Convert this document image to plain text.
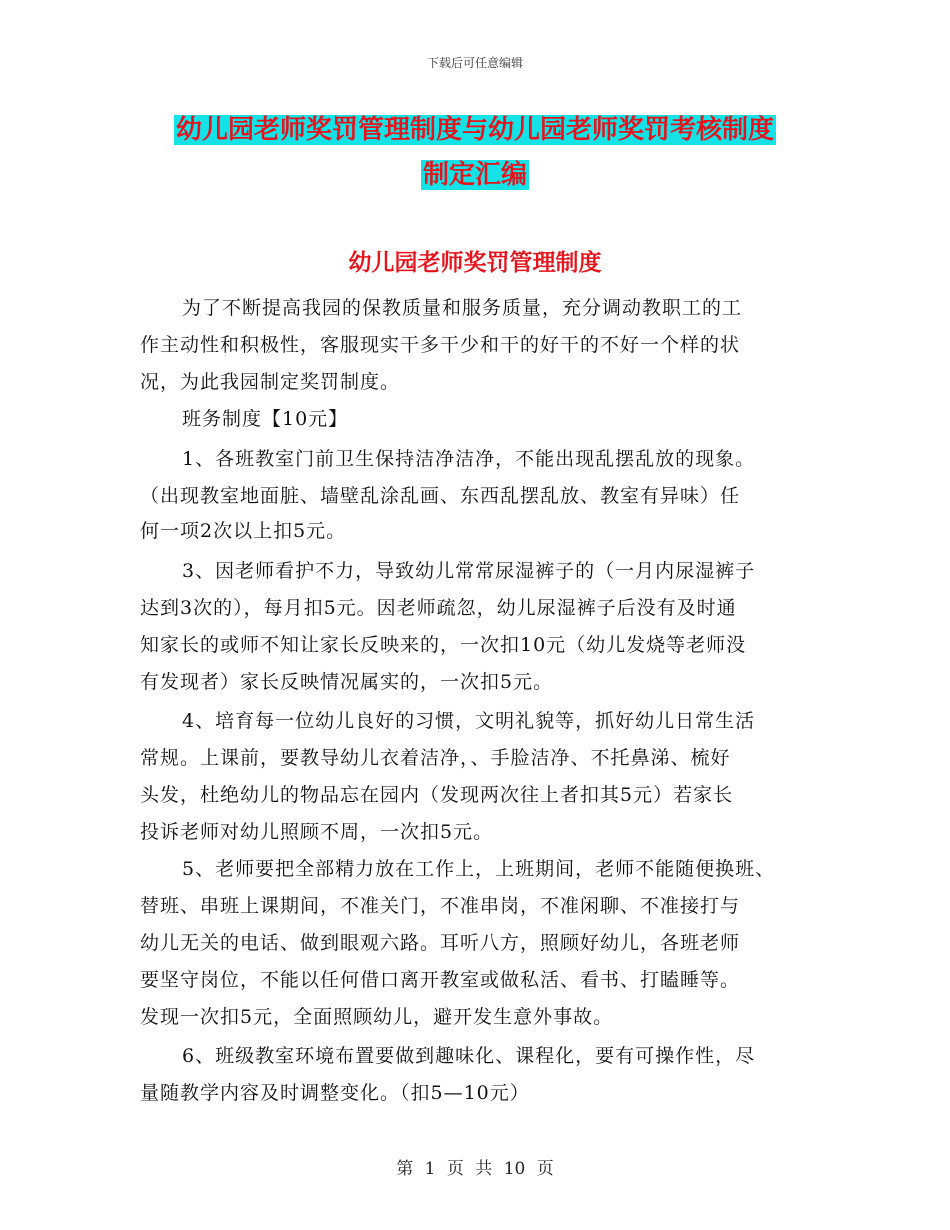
下载后可任意编辑
幼儿园老师奖罚管理制度与幼儿园老师奖罚考核制度
制定汇编
幼儿园老师奖罚管理制度
为了不断提高我园的保教质量和服务质量，充分调动教职工的工
作主动性和积极性，客服现实干多干少和干的好干的不好一个样的状
况，为此我园制定奖罚制度。
班务制度【10元】
1、各班教室门前卫生保持洁净洁净，不能出现乱摆乱放的现象。
（出现教室地面脏、墙壁乱涂乱画、东西乱摆乱放、教室有异味）任
何一项2次以上扣5元。
3、因老师看护不力，导致幼儿常常尿湿裤子的（一月内尿湿裤子
达到3次的），每月扣5元。因老师疏忽，幼儿尿湿裤子后没有及时通
知家长的或师不知让家长反映来的，一次扣10元（幼儿发烧等老师没
有发现者）家长反映情况属实的，一次扣5元。
4、培育每一位幼儿良好的习惯，文明礼貌等，抓好幼儿日常生活
常规。上课前，要教导幼儿衣着洁净，、手脸洁净、不托鼻涕、梳好
头发，杜绝幼儿的物品忘在园内（发现两次往上者扣其5元）若家长
投诉老师对幼儿照顾不周，一次扣5元。
5、老师要把全部精力放在工作上，上班期间，老师不能随便换班、
替班、串班上课期间，不准关门，不准串岗，不准闲聊、不准接打与
幼儿无关的电话、做到眼观六路。耳听八方，照顾好幼儿，各班老师
要坚守岗位，不能以任何借口离开教室或做私活、看书、打瞌睡等。
发现一次扣5元，全面照顾幼儿，避开发生意外事故。
6、班级教室环境布置要做到趣味化、课程化，要有可操作性，尽
量随教学内容及时调整变化。（扣5—10元）
第 1 页 共 10 页
